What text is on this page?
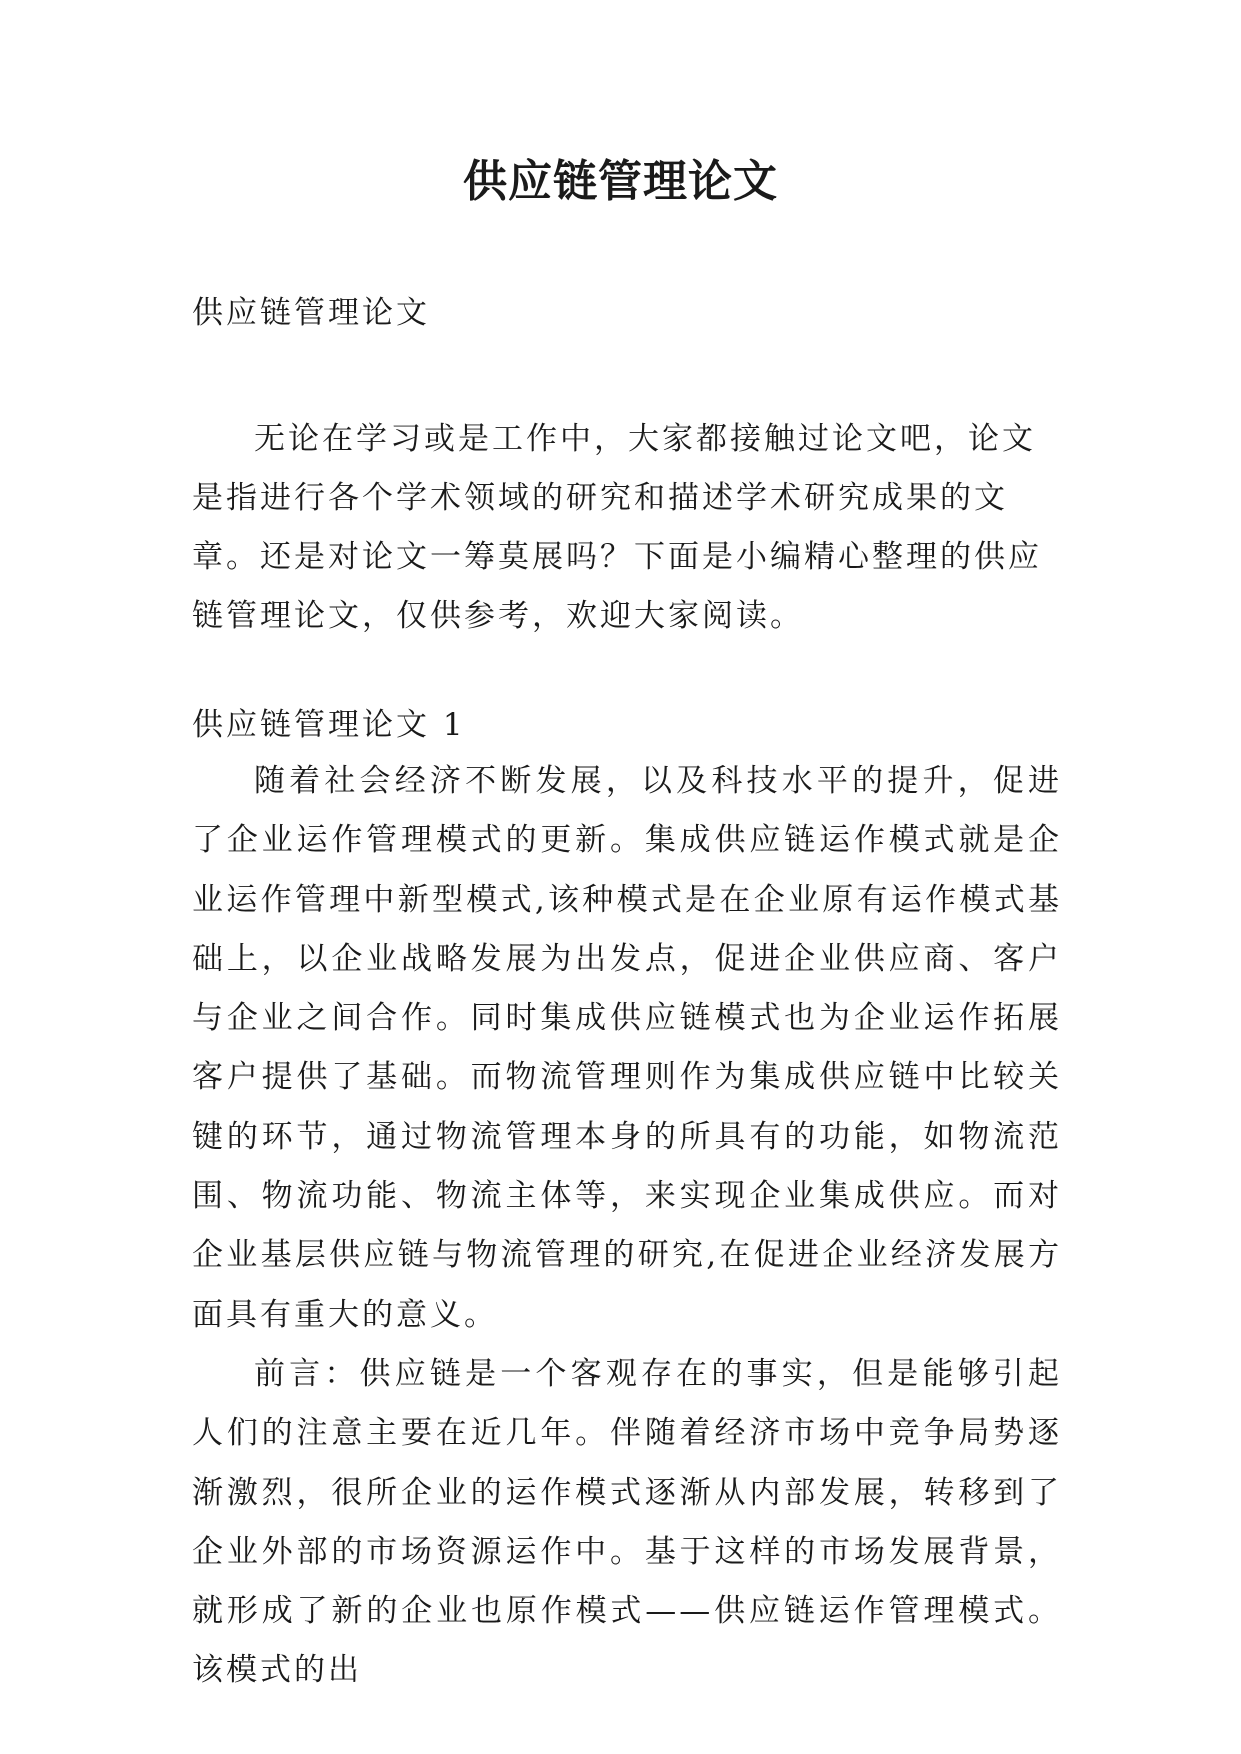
供应链管理论文

供应链管理论文

无论在学习或是工作中，大家都接触过论文吧，论文是指进行各个学术领域的研究和描述学术研究成果的文章。还是对论文一筹莫展吗？下面是小编精心整理的供应链管理论文，仅供参考，欢迎大家阅读。

供应链管理论文 1

随着社会经济不断发展，以及科技水平的提升，促进了企业运作管理模式的更新。集成供应链运作模式就是企业运作管理中新型模式,该种模式是在企业原有运作模式基础上，以企业战略发展为出发点，促进企业供应商、客户与企业之间合作。同时集成供应链模式也为企业运作拓展客户提供了基础。而物流管理则作为集成供应链中比较关键的环节，通过物流管理本身的所具有的功能，如物流范围、物流功能、物流主体等，来实现企业集成供应。而对企业基层供应链与物流管理的研究,在促进企业经济发展方面具有重大的意义。

前言：供应链是一个客观存在的事实，但是能够引起人们的注意主要在近几年。伴随着经济市场中竞争局势逐渐激烈，很所企业的运作模式逐渐从内部发展，转移到了企业外部的市场资源运作中。基于这样的市场发展背景，就形成了新的企业也原作模式——供应链运作管理模式。该模式的出
